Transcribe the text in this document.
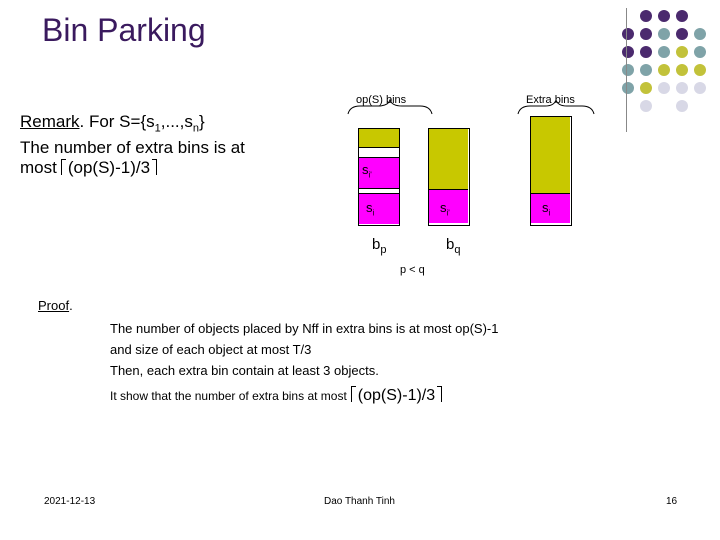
Bin Parking
Remark. For $S=\{s_1,...,s_n\}$
The number of extra bins is at
most (op(S)-1)/3
op(S) bins	Extra bins
$s_{i'}$
$s_i$
$b_p$
$s_{i'}$
$b_q$
$s_i$
p < q
Proof.
The number of objects placed by Nff in extra bins is at most op(S)-1
and size of each object at most T/3
Then, each extra bin contain at least 3 objects.
It show that the number of extra bins at most (op(S)-1)/3
2021-12-13	Dao Thanh Tinh	16
